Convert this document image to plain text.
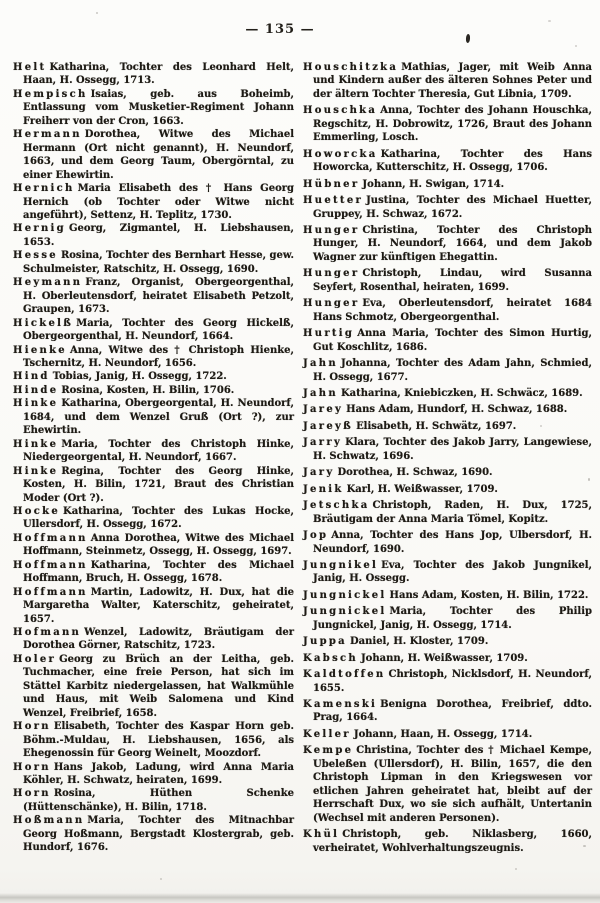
— 135 —

Helt Katharina, Tochter des Leonhard Helt, Haan, H. Ossegg, 1713.

Hempisch Isaias, geb. aus Boheimb, Entlassung vom Musketier-Regiment Johann Freiherr von der Cron, 1663.

Hermann Dorothea, Witwe des Michael Hermann (Ort nicht genannt), H. Neundorf, 1663, und dem Georg Taum, Obergörntal, zu einer Ehewirtin.

Hernich Maria Elisabeth des † Hans Georg Hernich (ob Tochter oder Witwe nicht angeführt), Settenz, H. Teplitz, 1730.

Hernig Georg, Zigmantel, H. Liebshausen, 1653.

Hesse Rosina, Tochter des Bernhart Hesse, gew. Schulmeister, Ratschitz, H. Ossegg, 1690.

Heymann Franz, Organist, Obergeorgenthal, H. Oberleutensdorf, heiratet Elisabeth Petzolt, Graupen, 1673.

Hickelß Maria, Tochter des Georg Hickelß, Obergeorgenthal, H. Neundorf, 1664.

Hienke Anna, Witwe des † Christoph Hienke, Tschernitz, H. Neundorf, 1656.

Hind Tobias, Janig, H. Ossegg, 1722.

Hinde Rosina, Kosten, H. Bilin, 1706.

Hinke Katharina, Obergeorgental, H. Neundorf, 1684, und dem Wenzel Gruß (Ort ?), zur Ehewirtin.

Hinke Maria, Tochter des Christoph Hinke, Niedergeorgental, H. Neundorf, 1667.

Hinke Regina, Tochter des Georg Hinke, Kosten, H. Bilin, 1721, Braut des Christian Moder (Ort ?).

Hocke Katharina, Tochter des Lukas Hocke, Ullersdorf, H. Ossegg, 1672.

Hoffmann Anna Dorothea, Witwe des Michael Hoffmann, Steinmetz, Ossegg, H. Ossegg, 1697.

Hoffmann Katharina, Tochter des Michael Hoffmann, Bruch, H. Ossegg, 1678.

Hoffmann Martin, Ladowitz, H. Dux, hat die Margaretha Walter, Katerschitz, geheiratet, 1657.

Hofmann Wenzel, Ladowitz, Bräutigam der Dorothea Görner, Ratschitz, 1723.

Holer Georg zu Brüch an der Leitha, geb. Tuchmacher, eine freie Person, hat sich im Stättel Karbitz niedergelassen, hat Walkmühle und Haus, mit Weib Salomena und Kind Wenzel, Freibrief, 1658.

Horn Elisabeth, Tochter des Kaspar Horn geb. Böhm.-Muldau, H. Liebshausen, 1656, als Ehegenossin für Georg Weinelt, Moozdorf.

Horn Hans Jakob, Ladung, wird Anna Maria Köhler, H. Schwatz, heiraten, 1699.

Horn Rosina, Hüthen Schenke (Hüttenschänke), H. Bilin, 1718.

Hoßmann Maria, Tochter des Mitnachbar Georg Hoßmann, Bergstadt Klostergrab, geb. Hundorf, 1676.

Houschitzka Mathias, Jager, mit Weib Anna und Kindern außer des älteren Sohnes Peter und der ältern Tochter Theresia, Gut Libnia, 1709.

Houschka Anna, Tochter des Johann Houschka, Regschitz, H. Dobrowitz, 1726, Braut des Johann Emmerling, Losch.

Howorcka Katharina, Tochter des Hans Howorcka, Kutterschitz, H. Ossegg, 1706.

Hübner Johann, H. Swigan, 1714.

Huetter Justina, Tochter des Michael Huetter, Gruppey, H. Schwaz, 1672.

Hunger Christina, Tochter des Christoph Hunger, H. Neundorf, 1664, und dem Jakob Wagner zur künftigen Ehegattin.

Hunger Christoph, Lindau, wird Susanna Seyfert, Rosenthal, heiraten, 1699.

Hunger Eva, Oberleutensdorf, heiratet 1684 Hans Schmotz, Obergeorgenthal.

Hurtig Anna Maria, Tochter des Simon Hurtig, Gut Koschlitz, 1686.

Jahn Johanna, Tochter des Adam Jahn, Schmied, H. Ossegg, 1677.

Jahn Katharina, Kniebiczken, H. Schwäcz, 1689.

Jarey Hans Adam, Hundorf, H. Schwaz, 1688.

Jareyß Elisabeth, H. Schwätz, 1697.

Jarry Klara, Tochter des Jakob Jarry, Langewiese, H. Schwatz, 1696.

Jary Dorothea, H. Schwaz, 1690.

Jenik Karl, H. Weißwasser, 1709.

Jetschka Christoph, Raden, H. Dux, 1725, Bräutigam der Anna Maria Tömel, Kopitz.

Jop Anna, Tochter des Hans Jop, Ulbersdorf, H. Neundorf, 1690.

Jungnikel Eva, Tochter des Jakob Jungnikel, Janig, H. Ossegg.

Jungnickel Hans Adam, Kosten, H. Bilin, 1722.

Jungnickel Maria, Tochter des Philip Jungnickel, Janig, H. Ossegg, 1714.

Juppa Daniel, H. Kloster, 1709.

Kabsch Johann, H. Weißwasser, 1709.

Kaldtoffen Christoph, Nicklsdorf, H. Neundorf, 1655.

Kamenski Benigna Dorothea, Freibrief, ddto. Prag, 1664.

Keller Johann, Haan, H. Ossegg, 1714.

Kempe Christina, Tochter des † Michael Kempe, Ubeleßen (Ullersdorf), H. Bilin, 1657, die den Christoph Lipman in den Kriegswesen vor etlichen Jahren geheiratet hat, bleibt auf der Herrschaft Dux, wo sie sich aufhält, Untertanin (Wechsel mit anderen Personen).

Khül Christoph, geb. Niklasberg, 1660, verheiratet, Wohlverhaltungszeugnis.
